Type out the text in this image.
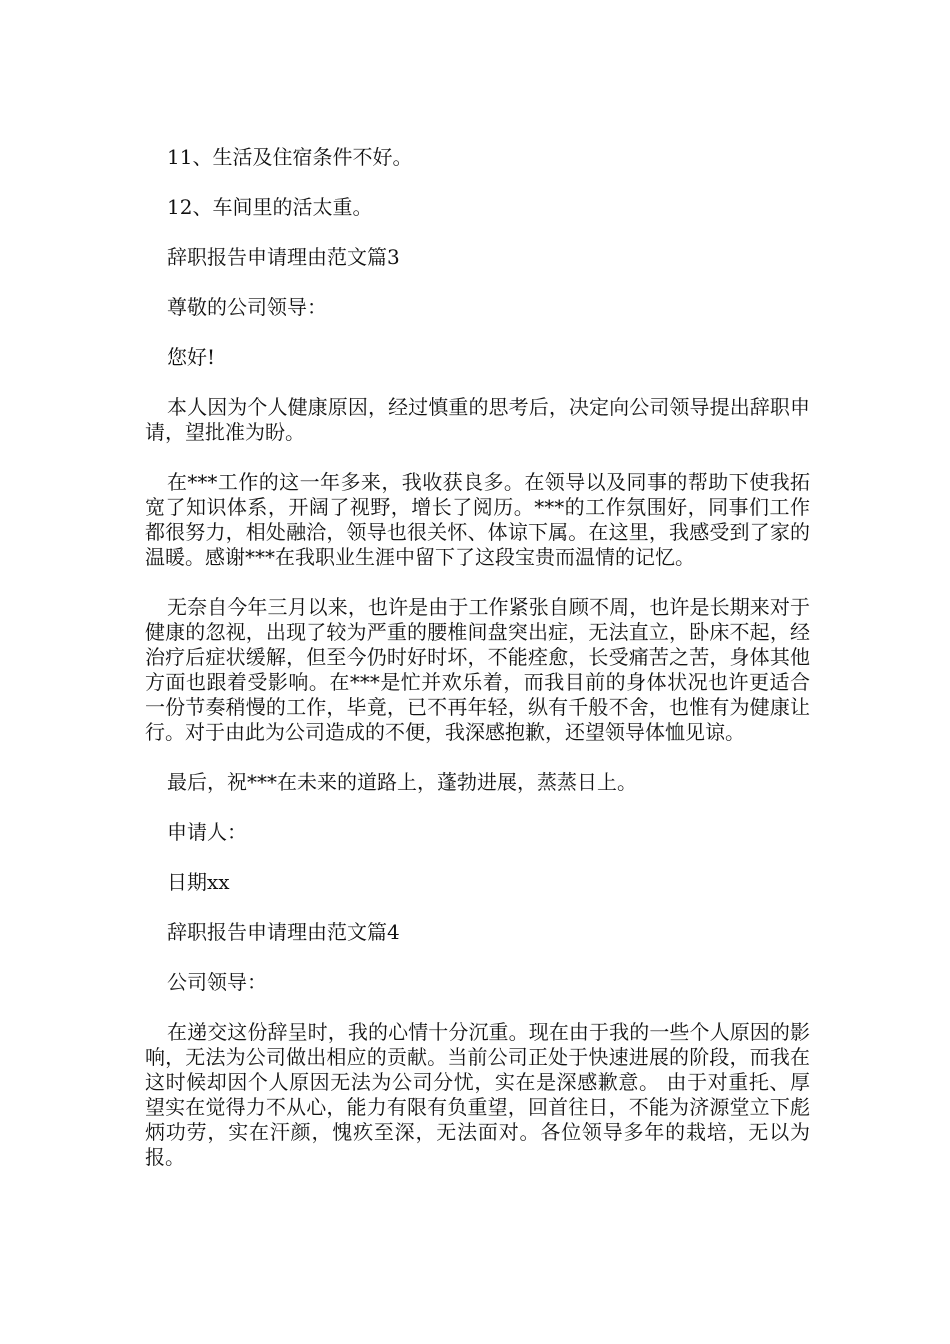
11、生活及住宿条件不好。

12、车间里的活太重。

辞职报告申请理由范文篇3

尊敬的公司领导：

您好!

本人因为个人健康原因，经过慎重的思考后，决定向公司领导提出辞职申请，望批准为盼。

在***工作的这一年多来，我收获良多。在领导以及同事的帮助下使我拓宽了知识体系，开阔了视野，增长了阅历。***的工作氛围好，同事们工作都很努力，相处融洽，领导也很关怀、体谅下属。在这里，我感受到了家的温暖。感谢***在我职业生涯中留下了这段宝贵而温情的记忆。

无奈自今年三月以来，也许是由于工作紧张自顾不周，也许是长期来对于健康的忽视，出现了较为严重的腰椎间盘突出症，无法直立，卧床不起，经治疗后症状缓解，但至今仍时好时坏，不能痊愈，长受痛苦之苦，身体其他方面也跟着受影响。在***是忙并欢乐着，而我目前的身体状况也许更适合一份节奏稍慢的工作，毕竟，已不再年轻，纵有千般不舍，也惟有为健康让行。对于由此为公司造成的不便，我深感抱歉，还望领导体恤见谅。

最后，祝***在未来的道路上，蓬勃进展，蒸蒸日上。

申请人：

日期xx

辞职报告申请理由范文篇4

公司领导：

在递交这份辞呈时，我的心情十分沉重。现在由于我的一些个人原因的影响，无法为公司做出相应的贡献。当前公司正处于快速进展的阶段，而我在这时候却因个人原因无法为公司分忧，实在是深感歉意。 由于对重托、厚望实在觉得力不从心，能力有限有负重望，回首往日，不能为济源堂立下彪炳功劳，实在汗颜，愧疚至深，无法面对。各位领导多年的栽培，无以为报。
